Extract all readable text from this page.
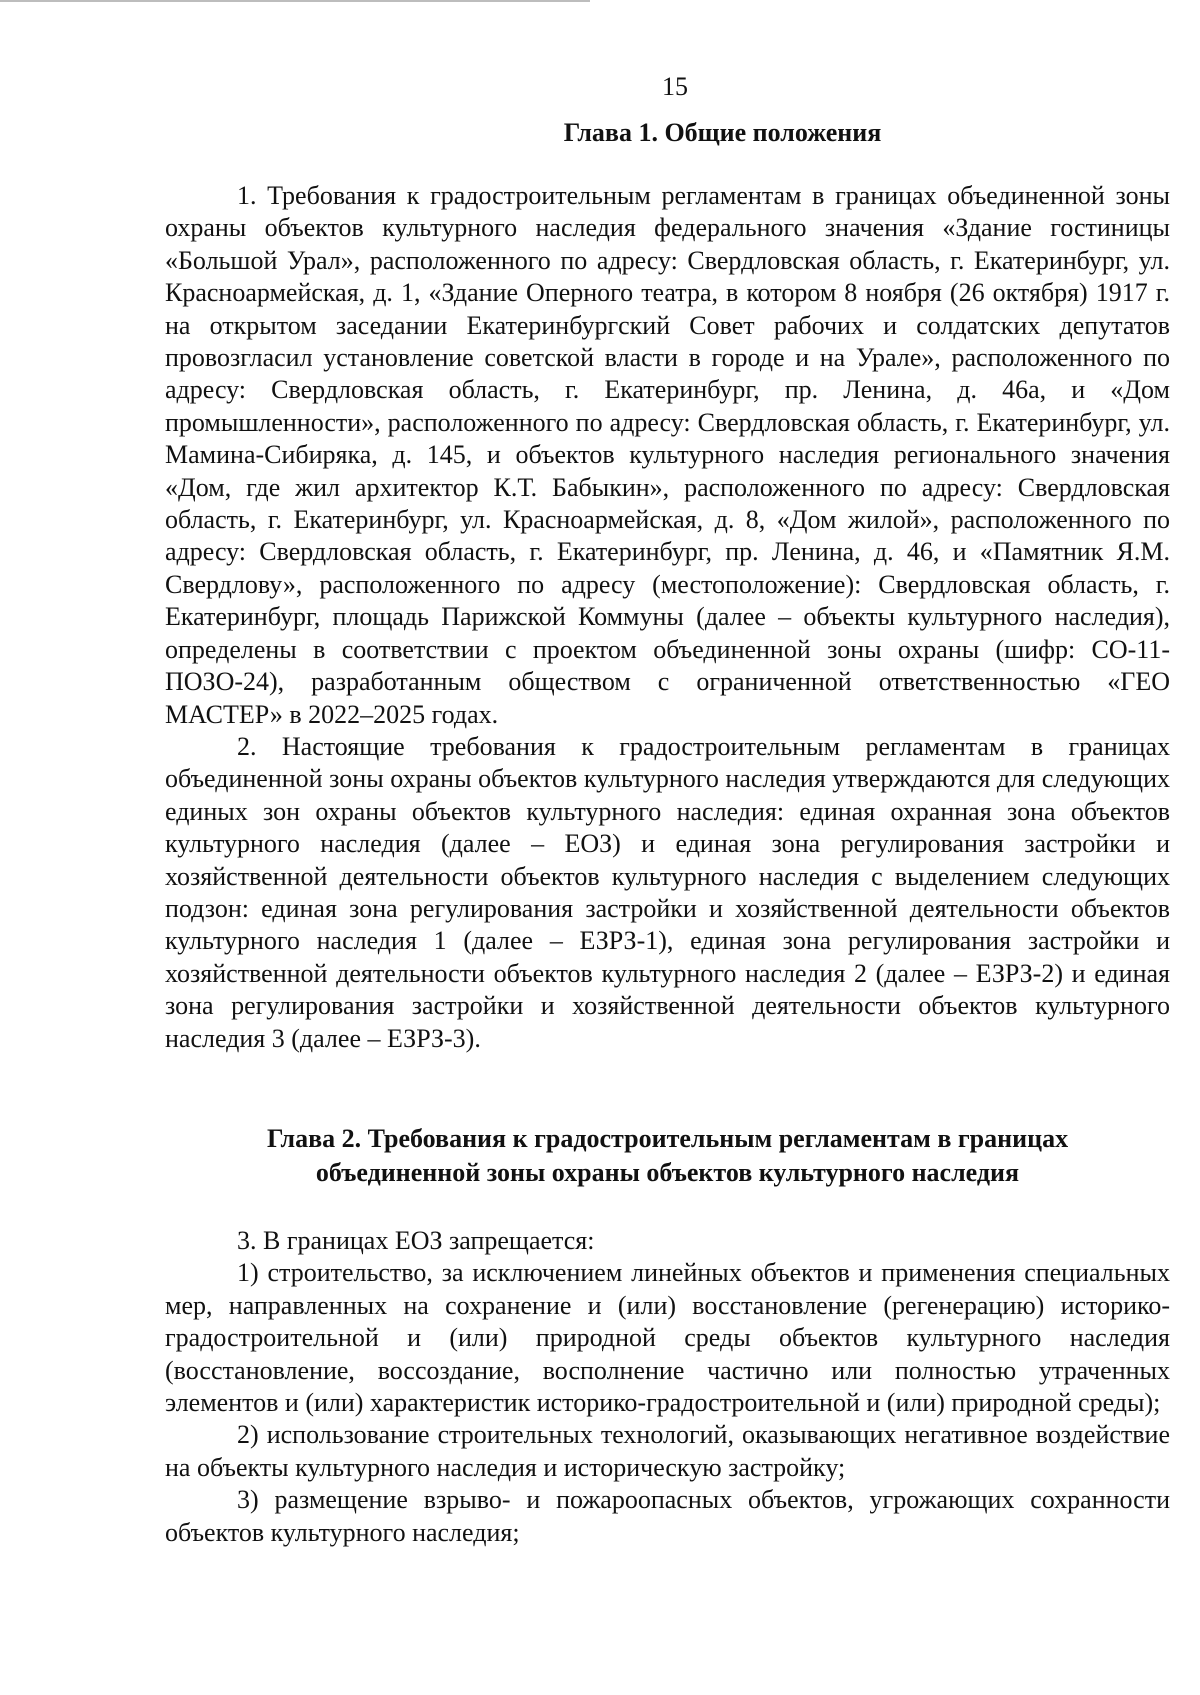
15
Глава 1. Общие положения

1. Требования к градостроительным регламентам в границах объединенной зоны охраны объектов культурного наследия федерального значения «Здание гостиницы «Большой Урал», расположенного по адресу: Свердловская область, г. Екатеринбург, ул. Красноармейская, д. 1, «Здание Оперного театра, в котором 8 ноября (26 октября) 1917 г. на открытом заседании Екатеринбургский Совет рабочих и солдатских депутатов провозгласил установление советской власти в городе и на Урале», расположенного по адресу: Свердловская область, г. Екатеринбург, пр. Ленина, д. 46а, и «Дом промышленности», расположенного по адресу: Свердловская область, г. Екатеринбург, ул. Мамина-Сибиряка, д. 145, и объектов культурного наследия регионального значения «Дом, где жил архитектор К.Т. Бабыкин», расположенного по адресу: Свердловская область, г. Екатеринбург, ул. Красноармейская, д. 8, «Дом жилой», расположенного по адресу: Свердловская область, г. Екатеринбург, пр. Ленина, д. 46, и «Памятник Я.М. Свердлову», расположенного по адресу (местоположение): Свердловская область, г. Екатеринбург, площадь Парижской Коммуны (далее – объекты культурного наследия), определены в соответствии с проектом объединенной зоны охраны (шифр: СО-11-ПОЗО-24), разработанным обществом с ограниченной ответственностью «ГЕО МАСТЕР» в 2022–2025 годах.

2. Настоящие требования к градостроительным регламентам в границах объединенной зоны охраны объектов культурного наследия утверждаются для следующих единых зон охраны объектов культурного наследия: единая охранная зона объектов культурного наследия (далее – ЕОЗ) и единая зона регулирования застройки и хозяйственной деятельности объектов культурного наследия с выделением следующих подзон: единая зона регулирования застройки и хозяйственной деятельности объектов культурного наследия 1 (далее – ЕЗРЗ-1), единая зона регулирования застройки и хозяйственной деятельности объектов культурного наследия 2 (далее – ЕЗРЗ-2) и единая зона регулирования застройки и хозяйственной деятельности объектов культурного наследия 3 (далее – ЕЗРЗ-3).

Глава 2. Требования к градостроительным регламентам в границах
объединенной зоны охраны объектов культурного наследия

3. В границах ЕОЗ запрещается:

1) строительство, за исключением линейных объектов и применения специальных мер, направленных на сохранение и (или) восстановление (регенерацию) историко-градостроительной и (или) природной среды объектов культурного наследия (восстановление, воссоздание, восполнение частично или полностью утраченных элементов и (или) характеристик историко-градостроительной и (или) природной среды);

2) использование строительных технологий, оказывающих негативное воздействие на объекты культурного наследия и историческую застройку;

3) размещение взрыво- и пожароопасных объектов, угрожающих сохранности объектов культурного наследия;
